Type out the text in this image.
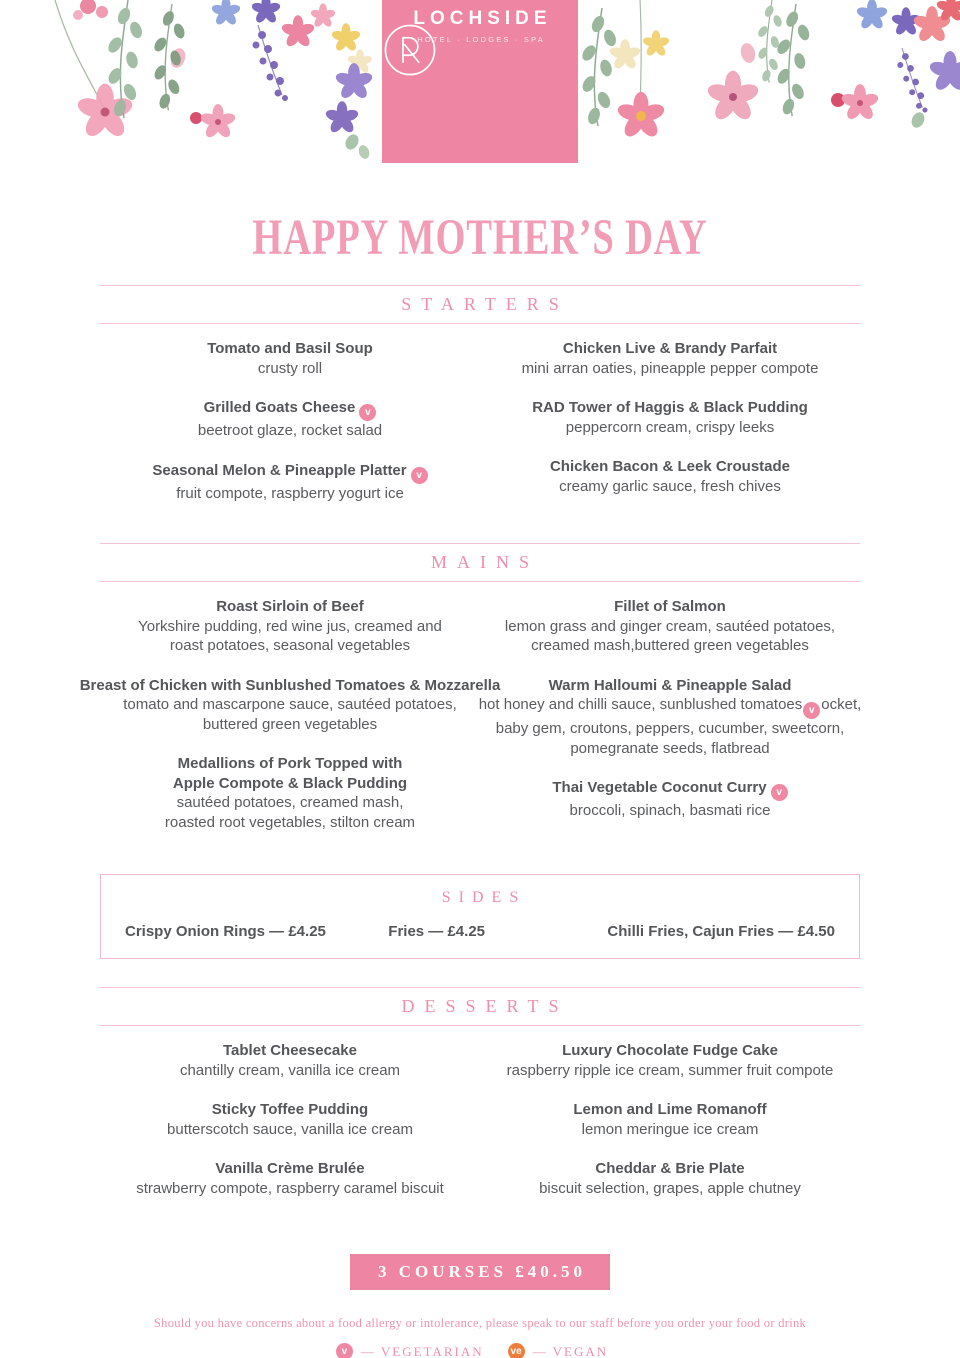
LOCHSIDE
HOTEL · LODGES · SPA
HAPPY MOTHER’S DAY
STARTERS
Tomato and Basil Soup
crusty roll
Grilled Goats Cheese v
beetroot glaze, rocket salad
Seasonal Melon & Pineapple Platter v
fruit compote, raspberry yogurt ice
Chicken Live & Brandy Parfait
mini arran oaties, pineapple pepper compote
RAD Tower of Haggis & Black Pudding
peppercorn cream, crispy leeks
Chicken Bacon & Leek Croustade
creamy garlic sauce, fresh chives
MAINS
Roast Sirloin of Beef
Yorkshire pudding, red wine jus, creamed and
roast potatoes, seasonal vegetables
Breast of Chicken with Sunblushed Tomatoes & Mozzarella
tomato and mascarpone sauce, sautéed potatoes,
buttered green vegetables
Medallions of Pork Topped with
Apple Compote & Black Pudding
sautéed potatoes, creamed mash,
roasted root vegetables, stilton cream
Fillet of Salmon
lemon grass and ginger cream, sautéed potatoes,
creamed mash,buttered green vegetables
Warm Halloumi & Pineapple Salad
hot honey and chilli sauce, sunblushed tomatoes v ocket,
baby gem, croutons, peppers, cucumber, sweetcorn,
pomegranate seeds, flatbread
Thai Vegetable Coconut Curry v
broccoli, spinach, basmati rice
SIDES
Crispy Onion Rings — £4.25	Fries — £4.25	Chilli Fries, Cajun Fries — £4.50
DESSERTS
Tablet Cheesecake
chantilly cream, vanilla ice cream
Sticky Toffee Pudding
butterscotch sauce, vanilla ice cream
Vanilla Crème Brulée
strawberry compote, raspberry caramel biscuit
Luxury Chocolate Fudge Cake
raspberry ripple ice cream, summer fruit compote
Lemon and Lime Romanoff
lemon meringue ice cream
Cheddar & Brie Plate
biscuit selection, grapes, apple chutney
3 COURSES £40.50
Should you have concerns about a food allergy or intolerance, please speak to our staff before you order your food or drink
v	— VEGETARIAN	ve — VEGAN
